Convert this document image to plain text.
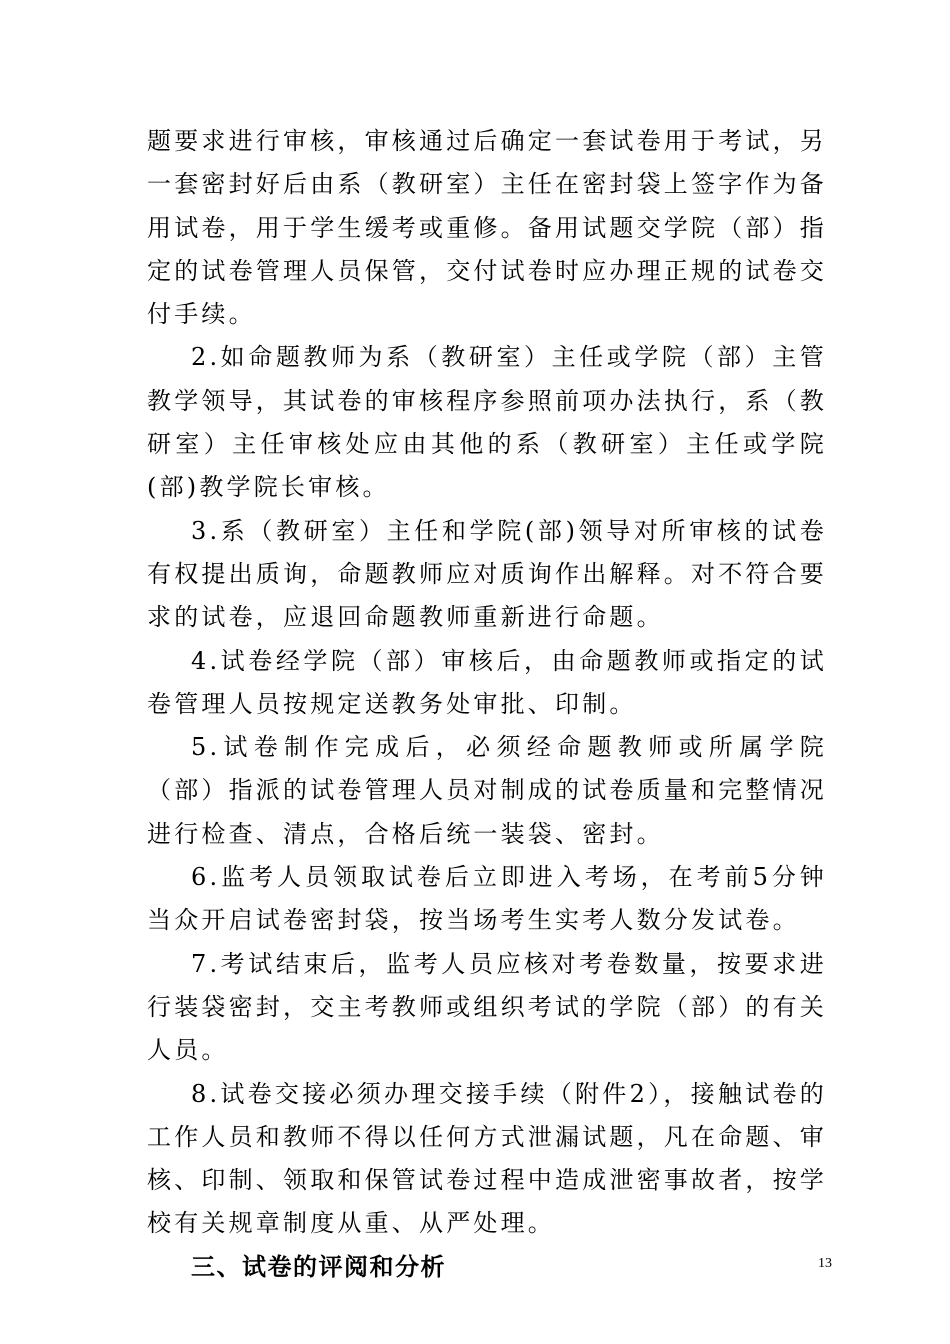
题要求进行审核，审核通过后确定一套试卷用于考试，另一套密封好后由系（教研室）主任在密封袋上签字作为备用试卷，用于学生缓考或重修。备用试题交学院（部）指定的试卷管理人员保管，交付试卷时应办理正规的试卷交付手续。

2.如命题教师为系（教研室）主任或学院（部）主管教学领导，其试卷的审核程序参照前项办法执行，系（教研室）主任审核处应由其他的系（教研室）主任或学院(部)教学院长审核。

3.系（教研室）主任和学院(部)领导对所审核的试卷有权提出质询，命题教师应对质询作出解释。对不符合要求的试卷，应退回命题教师重新进行命题。

4.试卷经学院（部）审核后，由命题教师或指定的试卷管理人员按规定送教务处审批、印制。

5.试卷制作完成后，必须经命题教师或所属学院（部）指派的试卷管理人员对制成的试卷质量和完整情况进行检查、清点，合格后统一装袋、密封。

6.监考人员领取试卷后立即进入考场，在考前5分钟当众开启试卷密封袋，按当场考生实考人数分发试卷。

7.考试结束后，监考人员应核对考卷数量，按要求进行装袋密封，交主考教师或组织考试的学院（部）的有关人员。

8.试卷交接必须办理交接手续（附件2），接触试卷的工作人员和教师不得以任何方式泄漏试题，凡在命题、审核、印制、领取和保管试卷过程中造成泄密事故者，按学校有关规章制度从重、从严处理。

三、试卷的评阅和分析	13
